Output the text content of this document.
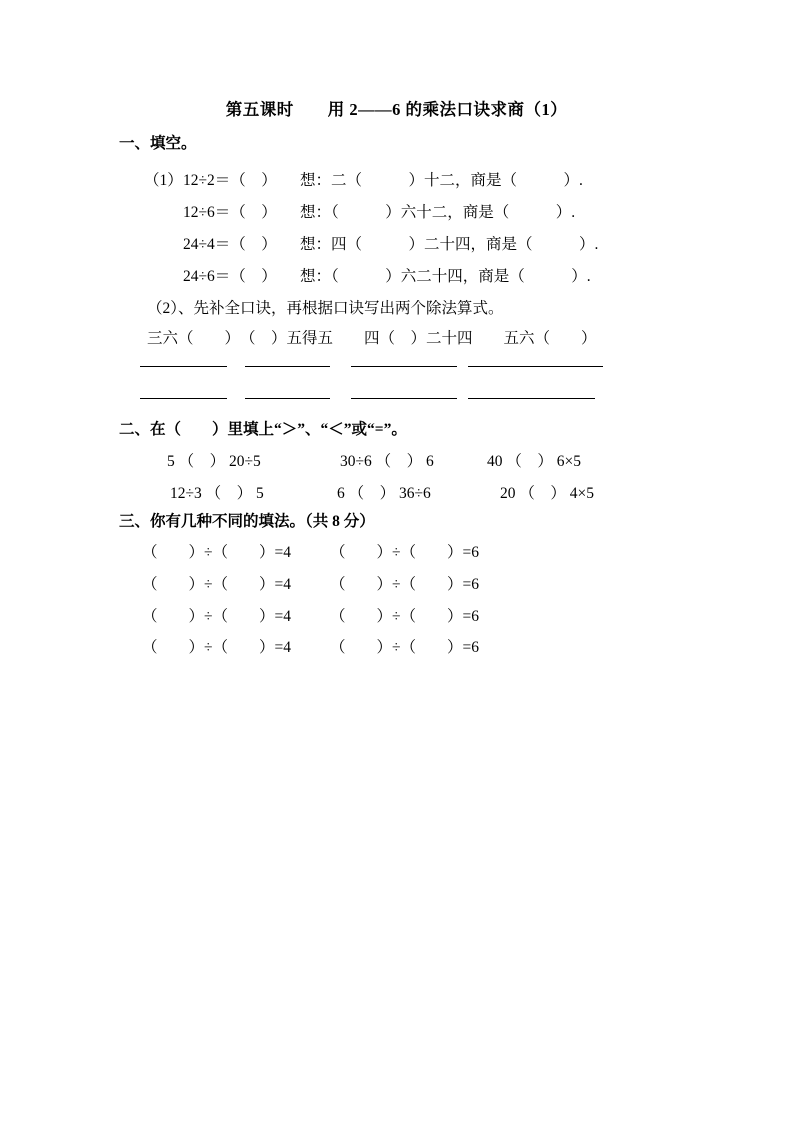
第五课时　　用 2——6 的乘法口诀求商（1）
一、填空。
（1） 12÷2＝（　）　　想：二（　　　）十二，商是（　　　）.
12÷6＝（　）　　想：（　　　）六十二，商是（　　　）.
24÷4＝（　）　　想：四（　　　）二十四，商是（　　　）.
24÷6＝（　）　　想：（　　　）六二十四，商是（　　　）.
（2）、先补全口诀，再根据口诀写出两个除法算式。
三六（　　）　（　）五得五　　四（　）二十四　　五六（　　）
二、在（　　）里填上“＞”、“＜”或“=”。
5 （　） 20÷5	30÷6 （　） 6	40 （　） 6×5
12÷3 （　） 5	6 （　） 36÷6	20 （　） 4×5
三、你有几种不同的填法。（共 8 分）
（　　）÷（　　）=4	（　　）÷（　　）=6
（　　）÷（　　）=4	（　　）÷（　　）=6
（　　）÷（　　）=4	（　　）÷（　　）=6
（　　）÷（　　）=4	（　　）÷（　　）=6
